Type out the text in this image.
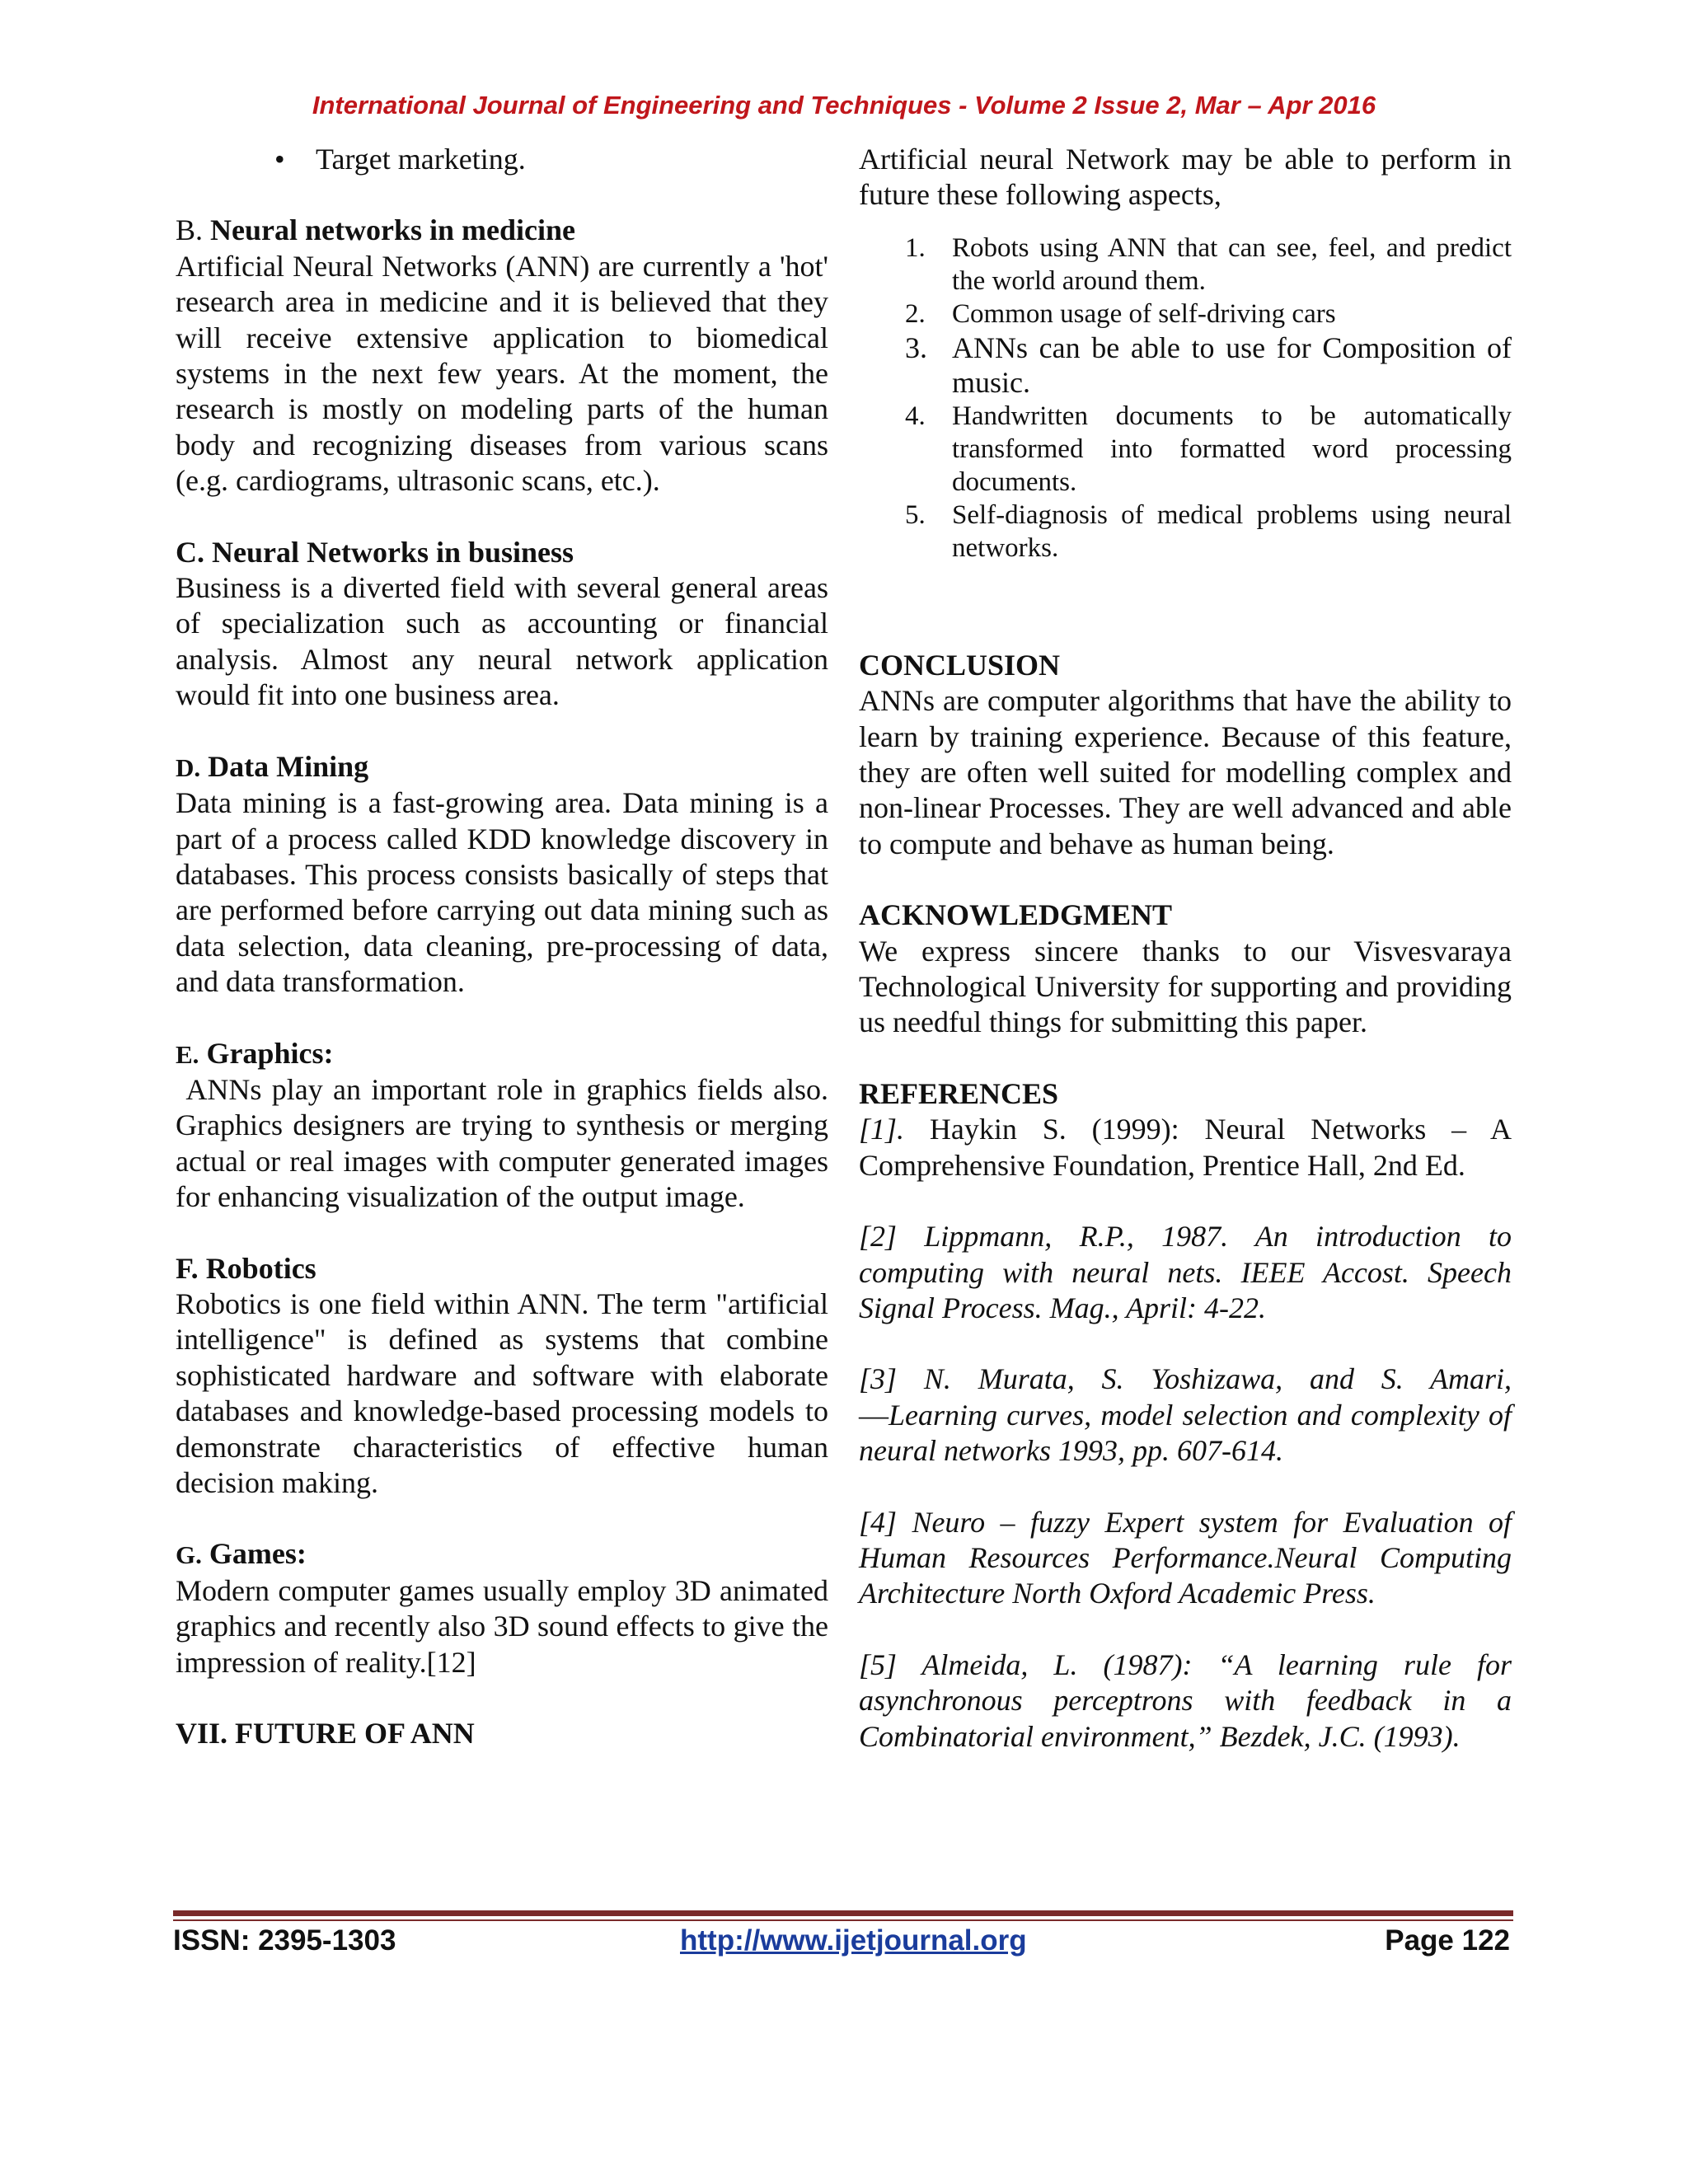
International Journal of Engineering and Techniques - Volume 2 Issue 2, Mar – Apr 2016

• Target marketing.

B. Neural networks in medicine

Artificial Neural Networks (ANN) are currently a 'hot' research area in medicine and it is believed that they will receive extensive application to biomedical systems in the next few years. At the moment, the research is mostly on modeling parts of the human body and recognizing diseases from various scans (e.g. cardiograms, ultrasonic scans, etc.).

C. Neural Networks in business

Business is a diverted field with several general areas of specialization such as accounting or financial analysis. Almost any neural network application would fit into one business area.

D. Data Mining

Data mining is a fast-growing area. Data mining is a part of a process called KDD knowledge discovery in databases. This process consists basically of steps that are performed before carrying out data mining such as data selection, data cleaning, pre-processing of data, and data transformation.

E. Graphics:

ANNs play an important role in graphics fields also. Graphics designers are trying to synthesis or merging actual or real images with computer generated images for enhancing visualization of the output image.

F. Robotics

Robotics is one field within ANN. The term "artificial intelligence" is defined as systems that combine sophisticated hardware and software with elaborate databases and knowledge-based processing models to demonstrate characteristics of effective human decision making.

G. Games:

Modern computer games usually employ 3D animated graphics and recently also 3D sound effects to give the impression of reality.[12]

VII. FUTURE OF ANN

Artificial neural Network may be able to perform in future these following aspects,

1. Robots using ANN that can see, feel, and predict the world around them.
2. Common usage of self-driving cars
3. ANNs can be able to use for Composition of music.
4. Handwritten documents to be automatically transformed into formatted word processing documents.
5. Self-diagnosis of medical problems using neural networks.

CONCLUSION

ANNs are computer algorithms that have the ability to learn by training experience. Because of this feature, they are often well suited for modelling complex and non-linear Processes. They are well advanced and able to compute and behave as human being.

ACKNOWLEDGMENT

We express sincere thanks to our Visvesvaraya Technological University for supporting and providing us needful things for submitting this paper.

REFERENCES

[1]. Haykin S. (1999): Neural Networks – A Comprehensive Foundation, Prentice Hall, 2nd Ed.

[2] Lippmann, R.P., 1987. An introduction to computing with neural nets. IEEE Accost. Speech Signal Process. Mag., April: 4-22.

[3] N. Murata, S. Yoshizawa, and S. Amari, ―Learning curves, model selection and complexity of neural networks 1993, pp. 607-614.

[4] Neuro – fuzzy Expert system for Evaluation of Human Resources Performance.Neural Computing Architecture North Oxford Academic Press.

[5] Almeida, L. (1987): “A learning rule for asynchronous perceptrons with feedback in a Combinatorial environment,” Bezdek, J.C. (1993).

ISSN: 2395-1303	http://www.ijetjournal.org	Page 122
